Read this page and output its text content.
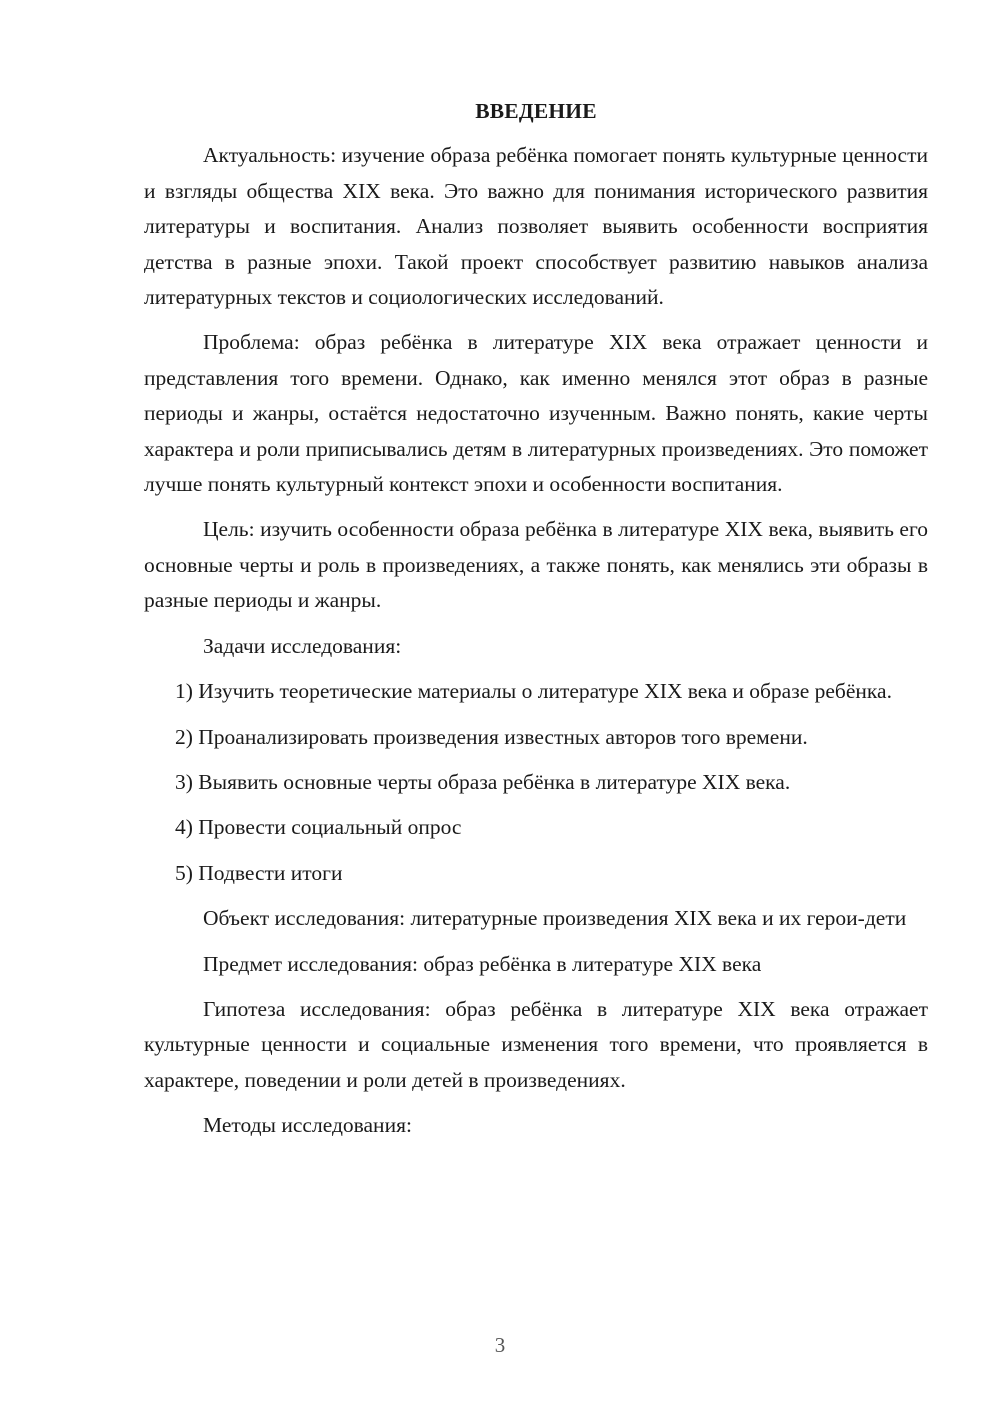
ВВЕДЕНИЕ

Актуальность: изучение образа ребёнка помогает понять культурные ценности и взгляды общества XIX века. Это важно для понимания исторического развития литературы и воспитания. Анализ позволяет выявить особенности восприятия детства в разные эпохи. Такой проект способствует развитию навыков анализа литературных текстов и социологических исследований.

Проблема: образ ребёнка в литературе XIX века отражает ценности и представления того времени. Однако, как именно менялся этот образ в разные периоды и жанры, остаётся недостаточно изученным. Важно понять, какие черты характера и роли приписывались детям в литературных произведениях. Это поможет лучше понять культурный контекст эпохи и особенности воспитания.

Цель: изучить особенности образа ребёнка в литературе XIX века, выявить его основные черты и роль в произведениях, а также понять, как менялись эти образы в разные периоды и жанры.

Задачи исследования:

1) Изучить теоретические материалы о литературе XIX века и образе ребёнка.

2) Проанализировать произведения известных авторов того времени.

3) Выявить основные черты образа ребёнка в литературе XIX века.

4) Провести социальный опрос

5) Подвести итоги

Объект исследования: литературные произведения XIX века и их герои-дети

Предмет исследования: образ ребёнка в литературе XIX века

Гипотеза исследования: образ ребёнка в литературе XIX века отражает культурные ценности и социальные изменения того времени, что проявляется в характере, поведении и роли детей в произведениях.

Методы исследования:

3
